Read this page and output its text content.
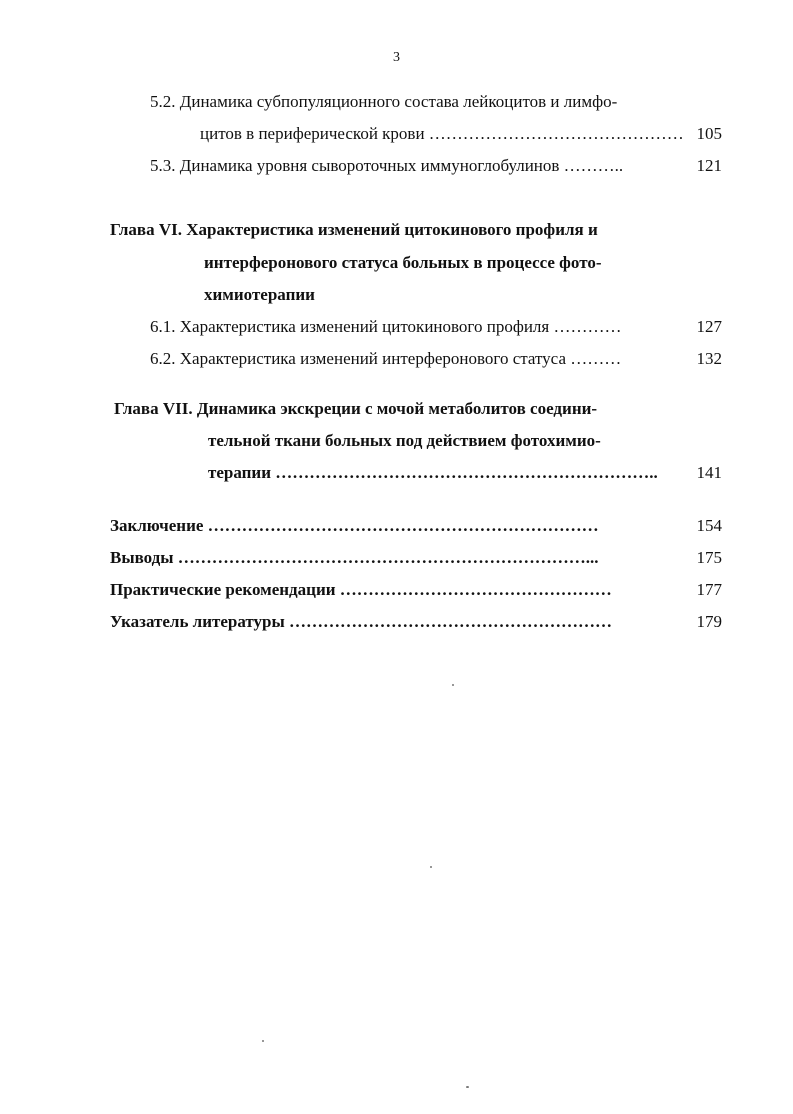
3
5.2. Динамика субпопуляционного состава лейкоцитов и лимфо-
цитов в периферической крови ……………………………………… 105
5.3. Динамика уровня сывороточных иммуноглобулинов ………..	121
Глава VI. Характеристика изменений цитокинового профиля и
интерферонового статуса больных в процессе фото-
химиотерапии
6.1. Характеристика изменений цитокинового профиля …………	127
6.2. Характеристика изменений интерферонового статуса ………	132
Глава VII. Динамика экскреции с мочой метаболитов соедини-
тельной ткани больных под действием фотохимио-
терапии …………………………………………………………..	141
Заключение ……………………………………………………………	154
Выводы ………………………………………………………………...	175
Практические рекомендации …………………………………………	177
Указатель литературы …………………………………………………	179
